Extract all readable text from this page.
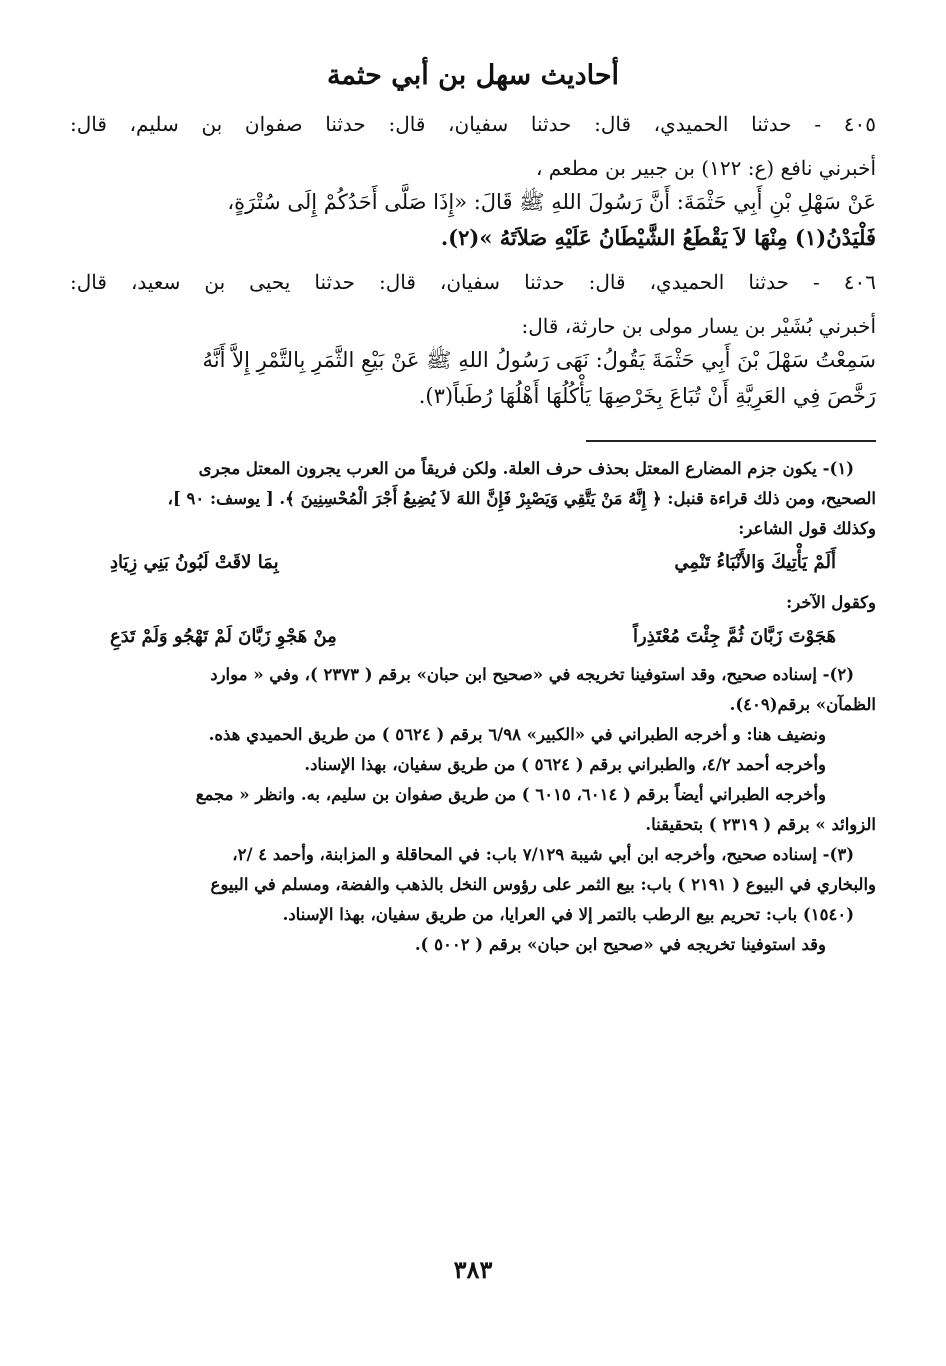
أحاديث سهل بن أبي حثمة

٤٠٥ - حدثنا الحميدي، قال: حدثنا سفيان، قال: حدثنا صفوان بن سليم، قال:

أخبرني نافع (ع: ١٢٢) بن جبير بن مطعم ،

عَنْ سَهْلِ بْنِ أَبِي حَثْمَةَ: أَنَّ رَسُولَ اللهِ ﷺ قَالَ: «إِذَا صَلَّى أَحَدُكُمْ إِلَى سُتْرَةٍ،

فَلْيَدْنُ(١) مِنْهَا لاَ يَقْطَعُ الشَّيْطَانُ عَلَيْهِ صَلاَتَهُ »(٢).

٤٠٦ - حدثنا الحميدي، قال: حدثنا سفيان، قال: حدثنا يحيى بن سعيد، قال:

أخبرني بُشَيْر بن يسار مولى بن حارثة، قال:

سَمِعْتُ سَهْلَ بْنَ أَبِي حَثْمَةَ يَقُولُ: نَهَى رَسُولُ اللهِ ﷺ عَنْ بَيْعِ الثَّمَرِ بِالتَّمْرِ إِلاَّ أَنَّهُ

رَخَّصَ فِي العَرِيَّةِ أَنْ تُبَاعَ بِخَرْصِهَا يَأْكُلُهَا أَهْلُهَا رُطَباً(٣).

(١)- يكون جزم المضارع المعتل بحذف حرف العلة. ولكن فريقاً من العرب يجرون المعتل مجرى

الصحيح، ومن ذلك قراءة قنبل: ﴿ إِنَّهُ مَنْ يَتَّقِي وَيَصْبِرْ فَإِنَّ اللهَ لاَ يُضِيعُ أَجْرَ الْمُحْسِنِينَ ﴾. [ يوسف: ٩٠ ]،

وكذلك قول الشاعر:

أَلَمْ يَأْتِيكَ وَالأَنْبَاءُ تَنْمِي
بِمَا لاقَتْ لَبُونُ بَنِي زِيَادِ

وكقول الآخر:

هَجَوْتَ زَبَّانَ ثُمَّ جِئْتَ مُعْتَذِراً
مِنْ هَجْوِ زَبَّانَ لَمْ تَهْجُو وَلَمْ تَدَعِ

(٢)- إسناده صحيح، وقد استوفينا تخريجه في «صحيح ابن حبان» برقم ( ٢٣٧٣ )، وفي « موارد

الظمآن» برقم(٤٠٩).

ونضيف هنا: و أخرجه الطبراني في «الكبير» ٦/٩٨ برقم ( ٥٦٢٤ ) من طريق الحميدي هذه.

وأخرجه أحمد ٤/٢، والطبراني برقم ( ٥٦٢٤ ) من طريق سفيان، بهذا الإسناد.

وأخرجه الطبراني أيضاً برقم ( ٦٠١٤، ٦٠١٥ ) من طريق صفوان بن سليم، به. وانظر « مجمع

الزوائد » برقم ( ٢٣١٩ ) بتحقيقنا.

(٣)- إسناده صحيح، وأخرجه ابن أبي شيبة ٧/١٢٩ باب: في المحاقلة و المزابنة، وأحمد ٤ /٢،

والبخاري في البيوع ( ٢١٩١ ) باب: بيع الثمر على رؤوس النخل بالذهب والفضة، ومسلم في البيوع

(١٥٤٠) باب: تحريم بيع الرطب بالتمر إلا في العرايا، من طريق سفيان، بهذا الإسناد.

وقد استوفينا تخريجه في «صحيح ابن حبان» برقم ( ٥٠٠٢ ).

٣٨٣
